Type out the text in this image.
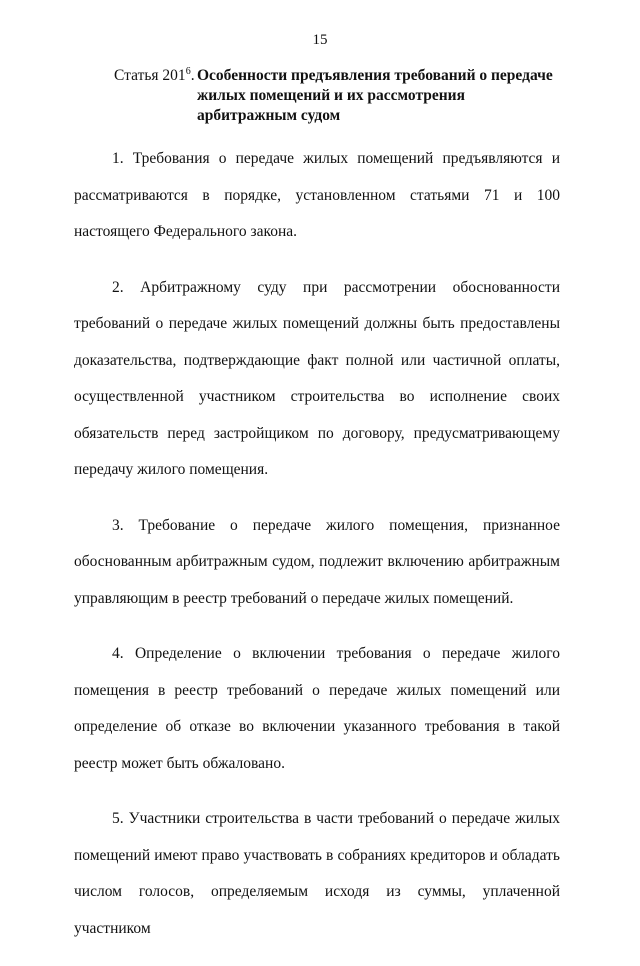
15
Статья $201^6$. Особенности предъявления требований о передаче жилых помещений и их рассмотрения арбитражным судом

1. Требования о передаче жилых помещений предъявляются и рассматриваются в порядке, установленном статьями 71 и 100 настоящего Федерального закона.

2. Арбитражному суду при рассмотрении обоснованности требований о передаче жилых помещений должны быть предоставлены доказательства, подтверждающие факт полной или частичной оплаты, осуществленной участником строительства во исполнение своих обязательств перед застройщиком по договору, предусматривающему передачу жилого помещения.

3. Требование о передаче жилого помещения, признанное обоснованным арбитражным судом, подлежит включению арбитражным управляющим в реестр требований о передаче жилых помещений.

4. Определение о включении требования о передаче жилого помещения в реестр требований о передаче жилых помещений или определение об отказе во включении указанного требования в такой реестр может быть обжаловано.

5. Участники строительства в части требований о передаче жилых помещений имеют право участвовать в собраниях кредиторов и обладать числом голосов, определяемым исходя из суммы, уплаченной участником
